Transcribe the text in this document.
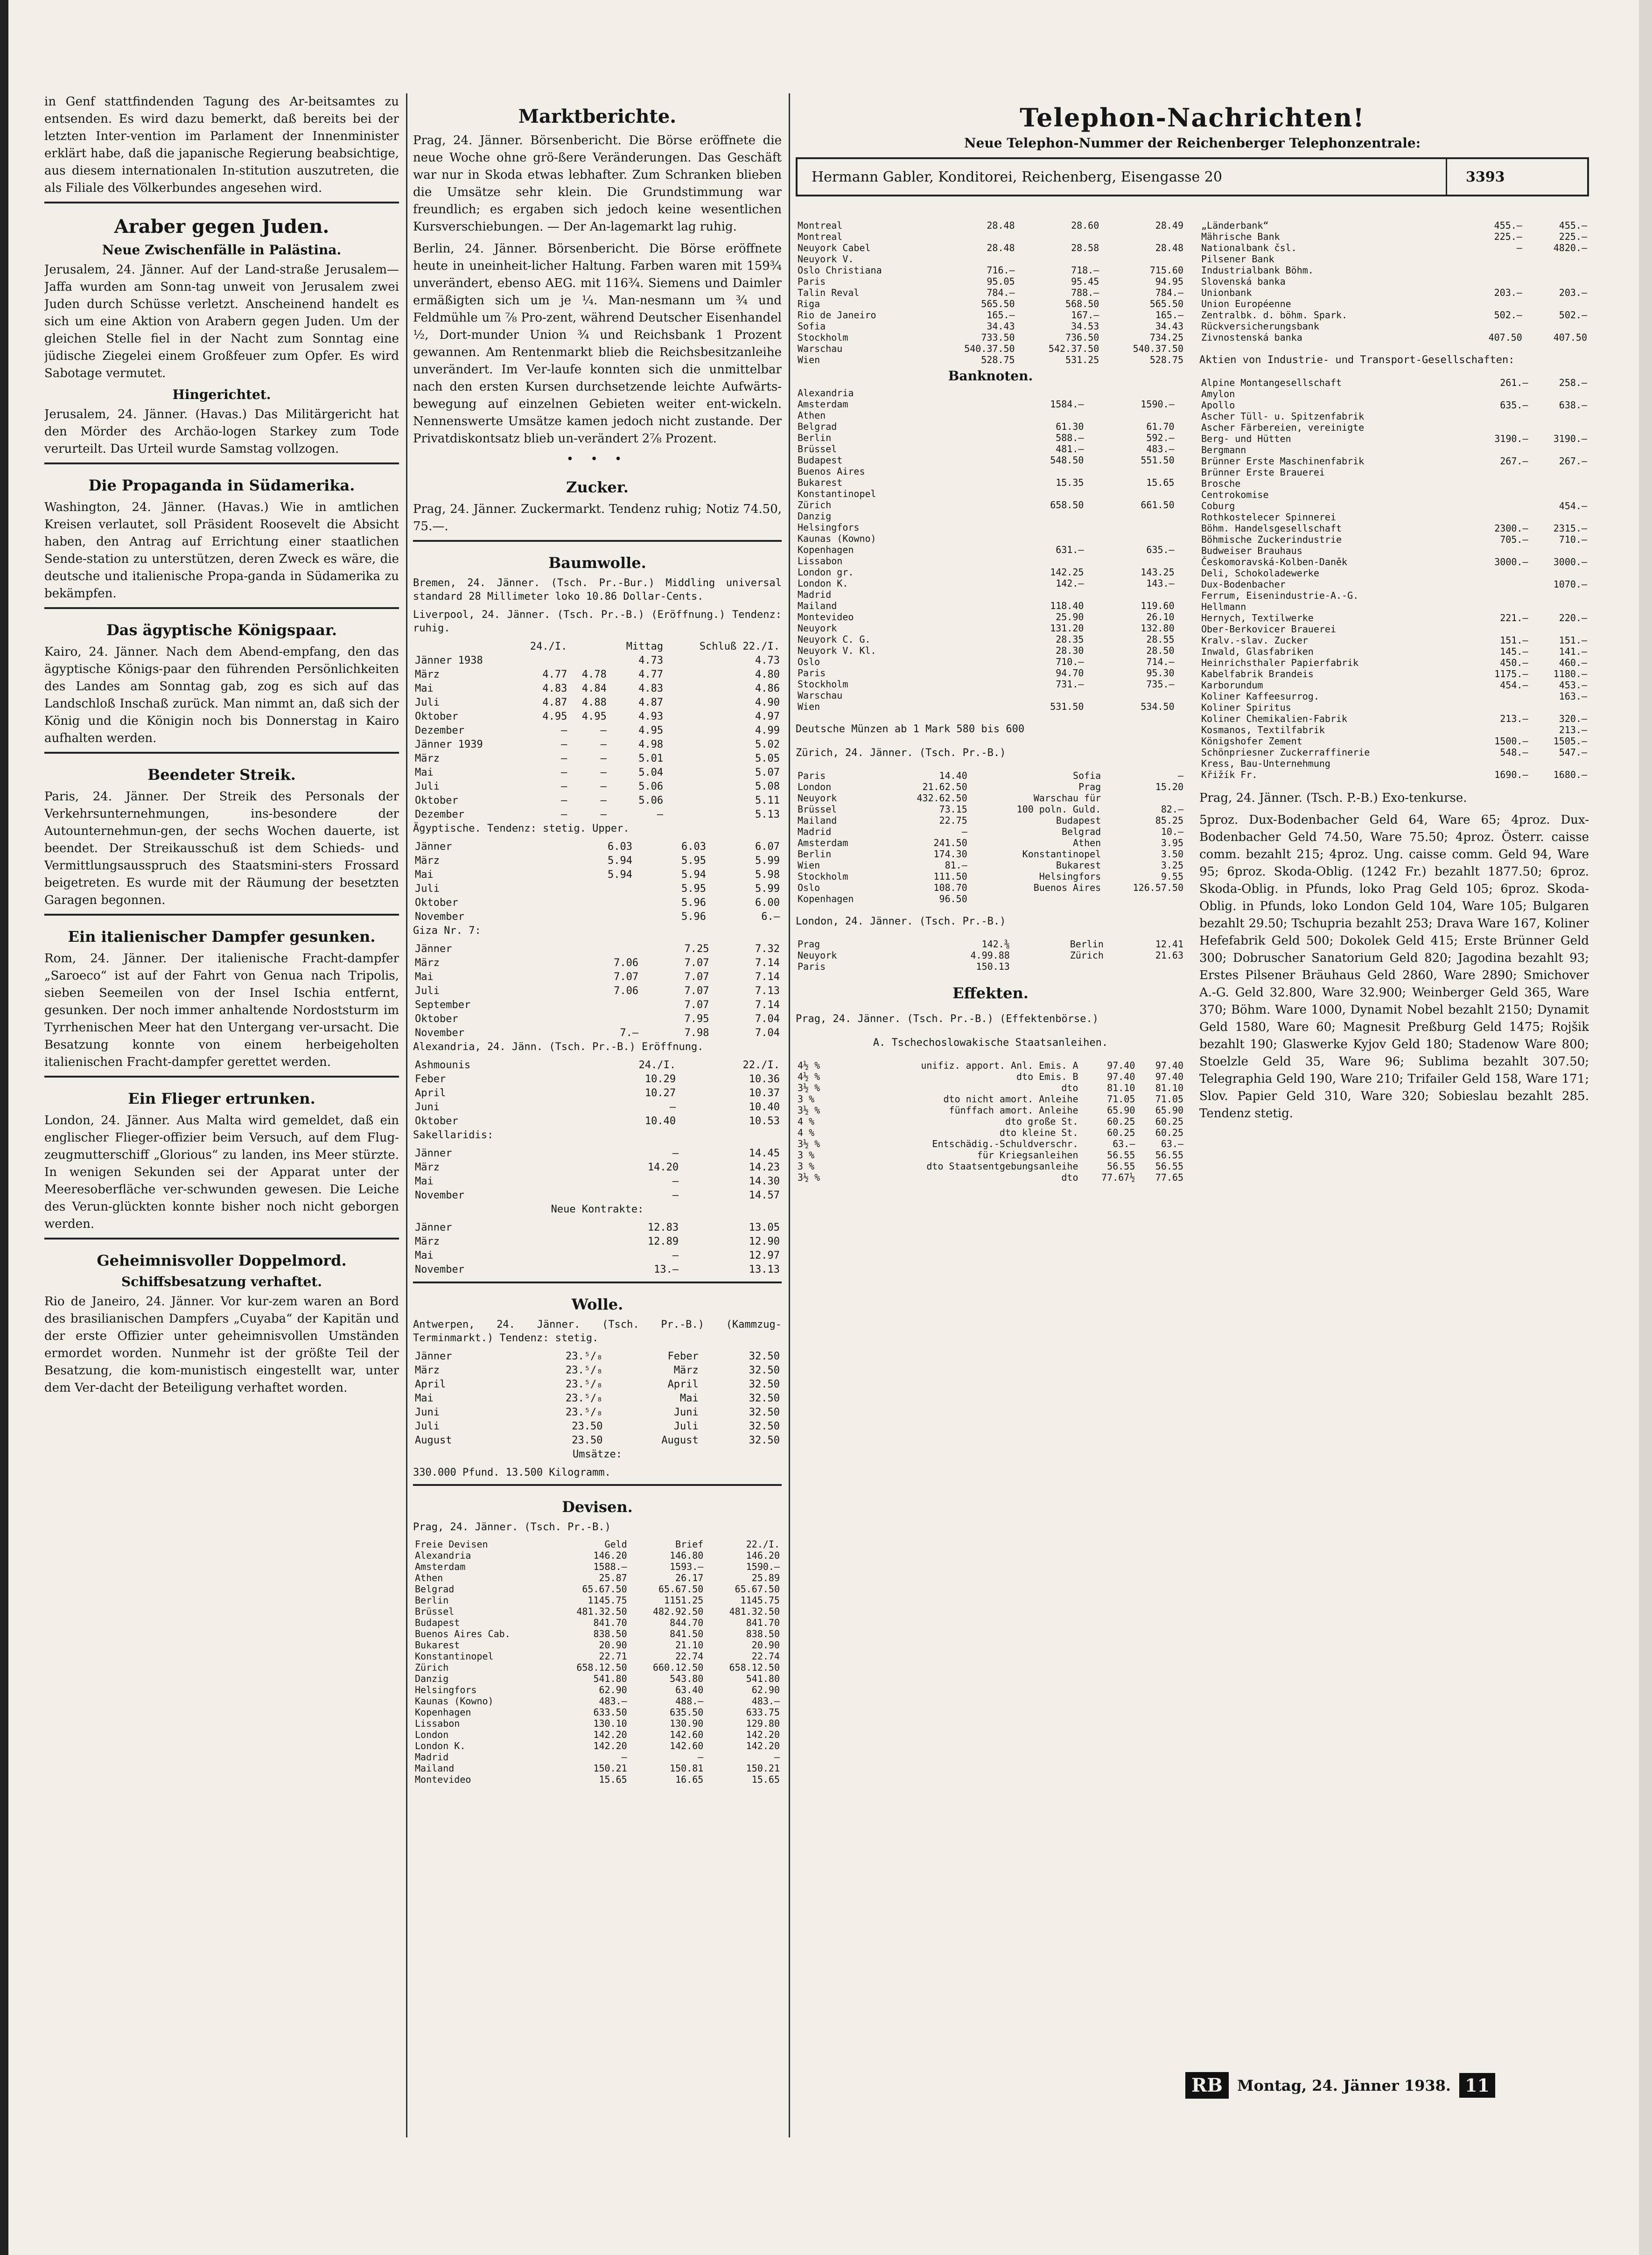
in Genf stattfindenden Tagung des Ar-beitsamtes zu entsenden. Es wird dazu bemerkt, daß bereits bei der letzten Inter-vention im Parlament der Innenminister erklärt habe, daß die japanische Regierung beabsichtige, aus diesem internationalen In-stitution auszutreten, die als Filiale des Völkerbundes angesehen wird.

Araber gegen Juden.
Neue Zwischenfälle in Palästina.

Jerusalem, 24. Jänner. Auf der Land-straße Jerusalem—Jaffa wurden am Sonn-tag unweit von Jerusalem zwei Juden durch Schüsse verletzt. Anscheinend handelt es sich um eine Aktion von Arabern gegen Juden. Um der gleichen Stelle fiel in der Nacht zum Sonntag eine jüdische Ziegelei einem Großfeuer zum Opfer. Es wird Sabotage vermutet.

Hingerichtet.

Jerusalem, 24. Jänner. (Havas.) Das Militärgericht hat den Mörder des Archäo-logen Starkey zum Tode verurteilt. Das Urteil wurde Samstag vollzogen.

Die Propaganda in Südamerika.

Washington, 24. Jänner. (Havas.) Wie in amtlichen Kreisen verlautet, soll Präsident Roosevelt die Absicht haben, den Antrag auf Errichtung einer staatlichen Sende-station zu unterstützen, deren Zweck es wäre, die deutsche und italienische Propa-ganda in Südamerika zu bekämpfen.

Das ägyptische Königspaar.

Kairo, 24. Jänner. Nach dem Abend-empfang, den das ägyptische Königs-paar den führenden Persönlichkeiten des Landes am Sonntag gab, zog es sich auf das Landschloß Inschaß zurück. Man nimmt an, daß sich der König und die Königin noch bis Donnerstag in Kairo aufhalten werden.

Beendeter Streik.

Paris, 24. Jänner. Der Streik des Personals der Verkehrsunternehmungen, ins-besondere der Autounternehmun-gen, der sechs Wochen dauerte, ist beendet. Der Streikausschuß ist dem Schieds- und Vermittlungsausspruch des Staatsmini-sters Frossard beigetreten. Es wurde mit der Räumung der besetzten Garagen begonnen.

Ein italienischer Dampfer gesunken.

Rom, 24. Jänner. Der italienische Fracht-dampfer „Saroeco“ ist auf der Fahrt von Genua nach Tripolis, sieben Seemeilen von der Insel Ischia entfernt, gesunken. Der noch immer anhaltende Nordoststurm im Tyrrhenischen Meer hat den Untergang ver-ursacht. Die Besatzung konnte von einem herbeigeholten italienischen Fracht-dampfer gerettet werden.

Ein Flieger ertrunken.

London, 24. Jänner. Aus Malta wird gemeldet, daß ein englischer Flieger-offizier beim Versuch, auf dem Flug-zeugmutterschiff „Glorious“ zu landen, ins Meer stürzte. In wenigen Sekunden sei der Apparat unter der Meeresoberfläche ver-schwunden gewesen. Die Leiche des Verun-glückten konnte bisher noch nicht geborgen werden.

Geheimnisvoller Doppelmord.
Schiffsbesatzung verhaftet.

Rio de Janeiro, 24. Jänner. Vor kur-zem waren an Bord des brasilianischen Dampfers „Cuyaba“ der Kapitän und der erste Offizier unter geheimnisvollen Umständen ermordet worden. Nunmehr ist der größte Teil der Besatzung, die kom-munistisch eingestellt war, unter dem Ver-dacht der Beteiligung verhaftet worden.

Marktberichte.

Prag, 24. Jänner. Börsenbericht. Die Börse eröffnete die neue Woche ohne grö-ßere Veränderungen. Das Geschäft war nur in Skoda etwas lebhafter. Zum Schranken blieben die Umsätze sehr klein. Die Grundstimmung war freundlich; es ergaben sich jedoch keine wesentlichen Kursverschiebungen. — Der An-lagemarkt lag ruhig.

Berlin, 24. Jänner. Börsenbericht. Die Börse eröffnete heute in uneinheit-licher Haltung. Farben waren mit 159¾ unverändert, ebenso AEG. mit 116¾. Siemens und Daimler ermäßigten sich um je ¼. Man-nesmann um ¾ und Feldmühle um ⅞ Pro-zent, während Deutscher Eisenhandel ½, Dort-munder Union ¾ und Reichsbank 1 Prozent gewannen. Am Rentenmarkt blieb die Reichsbesitzanleihe unverändert. Im Ver-laufe konnten sich die unmittelbar nach den ersten Kursen durchsetzende leichte Aufwärts-bewegung auf einzelnen Gebieten weiter ent-wickeln. Nennenswerte Umsätze kamen jedoch nicht zustande. Der Privatdiskontsatz blieb un-verändert 2⅞ Prozent.

• • •
Zucker.

Prag, 24. Jänner. Zuckermarkt. Tendenz ruhig; Notiz 74.50, 75.—.

Baumwolle.

Bremen, 24. Jänner. (Tsch. Pr.-Bur.) Middling universal standard 28 Millimeter loko 10.86 Dollar-Cents.

Liverpool, 24. Jänner. (Tsch. Pr.-B.) (Eröffnung.) Tendenz: ruhig.

	24./I.		Mittag	Schluß 22./I.
Jänner 1938			4.73	4.73
März	4.77	4.78	4.77	4.80
Mai	4.83	4.84	4.83	4.86
Juli	4.87	4.88	4.87	4.90
Oktober	4.95	4.95	4.93	4.97
Dezember	—	—	4.95	4.99
Jänner 1939	—	—	4.98	5.02
März	—	—	5.01	5.05
Mai	—	—	5.04	5.07
Juli	—	—	5.06	5.08
Oktober	—	—	5.06	5.11
Dezember	—	—	—	5.13

Ägyptische. Tendenz: stetig. Upper.

Jänner		6.03	6.03	6.07
März		5.94	5.95	5.99
Mai		5.94	5.94	5.98
Juli			5.95	5.99
Oktober			5.96	6.00
November			5.96	6.—

Giza Nr. 7:

Jänner			7.25	7.32
März		7.06	7.07	7.14
Mai		7.07	7.07	7.14
Juli		7.06	7.07	7.13
September			7.07	7.14
Oktober			7.95	7.04
November		7.—	7.98	7.04

Alexandria, 24. Jänn. (Tsch. Pr.-B.) Eröffnung.

Ashmounis		24./I.	22./I.
Feber		10.29	10.36
April		10.27	10.37
Juni		—	10.40
Oktober		10.40	10.53

Sakellaridis:

Jänner		—	14.45
März		14.20	14.23
Mai		—	14.30
November		—	14.57

Neue Kontrakte:

Jänner		12.83	13.05
März		12.89	12.90
Mai		—	12.97
November		13.—	13.13
Wolle.

Antwerpen, 24. Jänner. (Tsch. Pr.-B.) (Kammzug-Terminmarkt.) Tendenz: stetig.

Jänner	23.⁵/₈	Feber	32.50
März	23.⁵/₈	März	32.50
April	23.⁵/₈	April	32.50
Mai	23.⁵/₈	Mai	32.50
Juni	23.⁵/₈	Juni	32.50
Juli	23.50	Juli	32.50
August	23.50	August	32.50

Umsätze:

330.000 Pfund. 13.500 Kilogramm.

Devisen.

Prag, 24. Jänner. (Tsch. Pr.-B.)

Freie Devisen	Geld	Brief	22./I.
Alexandria	146.20	146.80	146.20
Amsterdam	1588.—	1593.—	1590.—
Athen	25.87	26.17	25.89
Belgrad	65.67.50	65.67.50	65.67.50
Berlin	1145.75	1151.25	1145.75
Brüssel	481.32.50	482.92.50	481.32.50
Budapest	841.70	844.70	841.70
Buenos Aires Cab.	838.50	841.50	838.50
Bukarest	20.90	21.10	20.90
Konstantinopel	22.71	22.74	22.74
Zürich	658.12.50	660.12.50	658.12.50
Danzig	541.80	543.80	541.80
Helsingfors	62.90	63.40	62.90
Kaunas (Kowno)	483.—	488.—	483.—
Kopenhagen	633.50	635.50	633.75
Lissabon	130.10	130.90	129.80
London	142.20	142.60	142.20
London K.	142.20	142.60	142.20
Madrid	—	—	—
Mailand	150.21	150.81	150.21
Montevideo	15.65	16.65	15.65
Telephon-Nachrichten!
Neue Telephon-Nummer der Reichenberger Telephonzentrale:
Hermann Gabler, Konditorei, Reichenberg, Eisengasse 20	3393
Montreal	28.48	28.60	28.49
Montreal			
Neuyork Cabel	28.48	28.58	28.48
Neuyork V.			
Oslo Christiana	716.—	718.—	715.60
Paris	95.05	95.45	94.95
Talin Reval	784.—	788.—	784.—
Riga	565.50	568.50	565.50
Rio de Janeiro	165.—	167.—	165.—
Sofia	34.43	34.53	34.43
Stockholm	733.50	736.50	734.25
Warschau	540.37.50	542.37.50	540.37.50
Wien	528.75	531.25	528.75
Banknoten.
Alexandria			
Amsterdam	1584.—	1590.—	
Athen			
Belgrad	61.30	61.70	
Berlin	588.—	592.—	
Brüssel	481.—	483.—	
Budapest	548.50	551.50	
Buenos Aires			
Bukarest	15.35	15.65	
Konstantinopel			
Zürich	658.50	661.50	
Danzig			
Helsingfors			
Kaunas (Kowno)			
Kopenhagen	631.—	635.—	
Lissabon			
London gr.	142.25	143.25	
London K.	142.—	143.—	
Madrid			
Mailand	118.40	119.60	
Montevideo	25.90	26.10	
Neuyork	131.20	132.80	
Neuyork C. G.	28.35	28.55	
Neuyork V. Kl.	28.30	28.50	
Oslo	710.—	714.—	
Paris	94.70	95.30	
Stockholm	731.—	735.—	
Warschau			
Wien	531.50	534.50	

Deutsche Münzen ab 1 Mark 580 bis 600

Zürich, 24. Jänner. (Tsch. Pr.-B.)

Paris	14.40	Sofia	—
London	21.62.50	Prag	15.20
Neuyork	432.62.50	Warschau für	
Brüssel	73.15	100 poln. Guld.	82.—
Mailand	22.75	Budapest	85.25
Madrid	—	Belgrad	10.—
Amsterdam	241.50	Athen	3.95
Berlin	174.30	Konstantinopel	3.50
Wien	81.—	Bukarest	3.25
Stockholm	111.50	Helsingfors	9.55
Oslo	108.70	Buenos Aires	126.57.50
Kopenhagen	96.50		

London, 24. Jänner. (Tsch. Pr.-B.)

Prag	142.⅜	Berlin	12.41
Neuyork	4.99.88	Zürich	21.63
Paris	150.13		
Effekten.

Prag, 24. Jänner. (Tsch. Pr.-B.) (Effektenbörse.)

A. Tschechoslowakische Staatsanleihen.

4½ %	unifiz. apport. Anl. Emis. A	97.40	97.40
4½ %	dto Emis. B	97.40	97.40
3½ %	dto	81.10	81.10
3 %	dto nicht amort. Anleihe	71.05	71.05
3½ %	fünffach amort. Anleihe	65.90	65.90
4 %	dto große St.	60.25	60.25
4 %	dto kleine St.	60.25	60.25
3½ %	Entschädig.-Schuldverschr.	63.—	63.—
3 %	für Kriegsanleihen	56.55	56.55
3 %	dto Staatsentgebungsanleihe	56.55	56.55
3½ %	dto	77.67½	77.65
„Länderbank“	455.—	455.—
Mährische Bank	225.—	225.—
Nationalbank čsl.	—	4820.—
Pilsener Bank		
Industrialbank Böhm.		
Slovenská banka		
Unionbank	203.—	203.—
Union Européenne		
Zentralbk. d. böhm. Spark.	502.—	502.—
Rückversicherungsbank		
Zivnostenská banka	407.50	407.50

Aktien von Industrie- und Transport-Gesellschaften:

Alpine Montangesellschaft	261.—	258.—
Amylon		
Apollo	635.—	638.—
Ascher Tüll- u. Spitzenfabrik		
Ascher Färbereien, vereinigte		
Berg- und Hütten	3190.—	3190.—
Bergmann		
Brünner Erste Maschinenfabrik	267.—	267.—
Brünner Erste Brauerei		
Brosche		
Centrokomise		
Coburg		454.—
Rothkostelecer Spinnerei		
Böhm. Handelsgesellschaft	2300.—	2315.—
Böhmische Zuckerindustrie	705.—	710.—
Budweiser Brauhaus		
Českomoravská-Kolben-Daněk	3000.—	3000.—
Deli, Schokoladewerke		
Dux-Bodenbacher		1070.—
Ferrum, Eisenindustrie-A.-G.		
Hellmann		
Hernych, Textilwerke	221.—	220.—
Ober-Berkovicer Brauerei		
Kralv.-slav. Zucker	151.—	151.—
Inwald, Glasfabriken	145.—	141.—
Heinrichsthaler Papierfabrik	450.—	460.—
Kabelfabrik Brandeis	1175.—	1180.—
Karborundum	454.—	453.—
Koliner Kaffeesurrog.		163.—
Koliner Spiritus		
Koliner Chemikalien-Fabrik	213.—	320.—
Kosmanos, Textilfabrik		213.—
Königshofer Zement	1500.—	1505.—
Schönpriesner Zuckerraffinerie	548.—	547.—
Kress, Bau-Unternehmung		
Křižík Fr.	1690.—	1680.—

Prag, 24. Jänner. (Tsch. P.-B.) Exo-tenkurse.

5proz. Dux-Bodenbacher Geld 64, Ware 65; 4proz. Dux-Bodenbacher Geld 74.50, Ware 75.50; 4proz. Österr. caisse comm. bezahlt 215; 4proz. Ung. caisse comm. Geld 94, Ware 95; 6proz. Skoda-Oblig. (1242 Fr.) bezahlt 1877.50; 6proz. Skoda-Oblig. in Pfunds, loko Prag Geld 105; 6proz. Skoda-Oblig. in Pfunds, loko London Geld 104, Ware 105; Bulgaren bezahlt 29.50; Tschupria bezahlt 253; Drava Ware 167, Koliner Hefefabrik Geld 500; Dokolek Geld 415; Erste Brünner Geld 300; Dobruscher Sanatorium Geld 820; Jagodina bezahlt 93; Erstes Pilsener Bräuhaus Geld 2860, Ware 2890; Smichover A.-G. Geld 32.800, Ware 32.900; Weinberger Geld 365, Ware 370; Böhm. Ware 1000, Dynamit Nobel bezahlt 2150; Dynamit Geld 1580, Ware 60; Magnesit Preßburg Geld 1475; Rojšik bezahlt 190; Glaswerke Kyjov Geld 180; Stadenow Ware 800; Stoelzle Geld 35, Ware 96; Sublima bezahlt 307.50; Telegraphia Geld 190, Ware 210; Trifailer Geld 158, Ware 171; Slov. Papier Geld 310, Ware 320; Sobieslau bezahlt 285. Tendenz stetig.

RB Montag, 24. Jänner 1938. 11
